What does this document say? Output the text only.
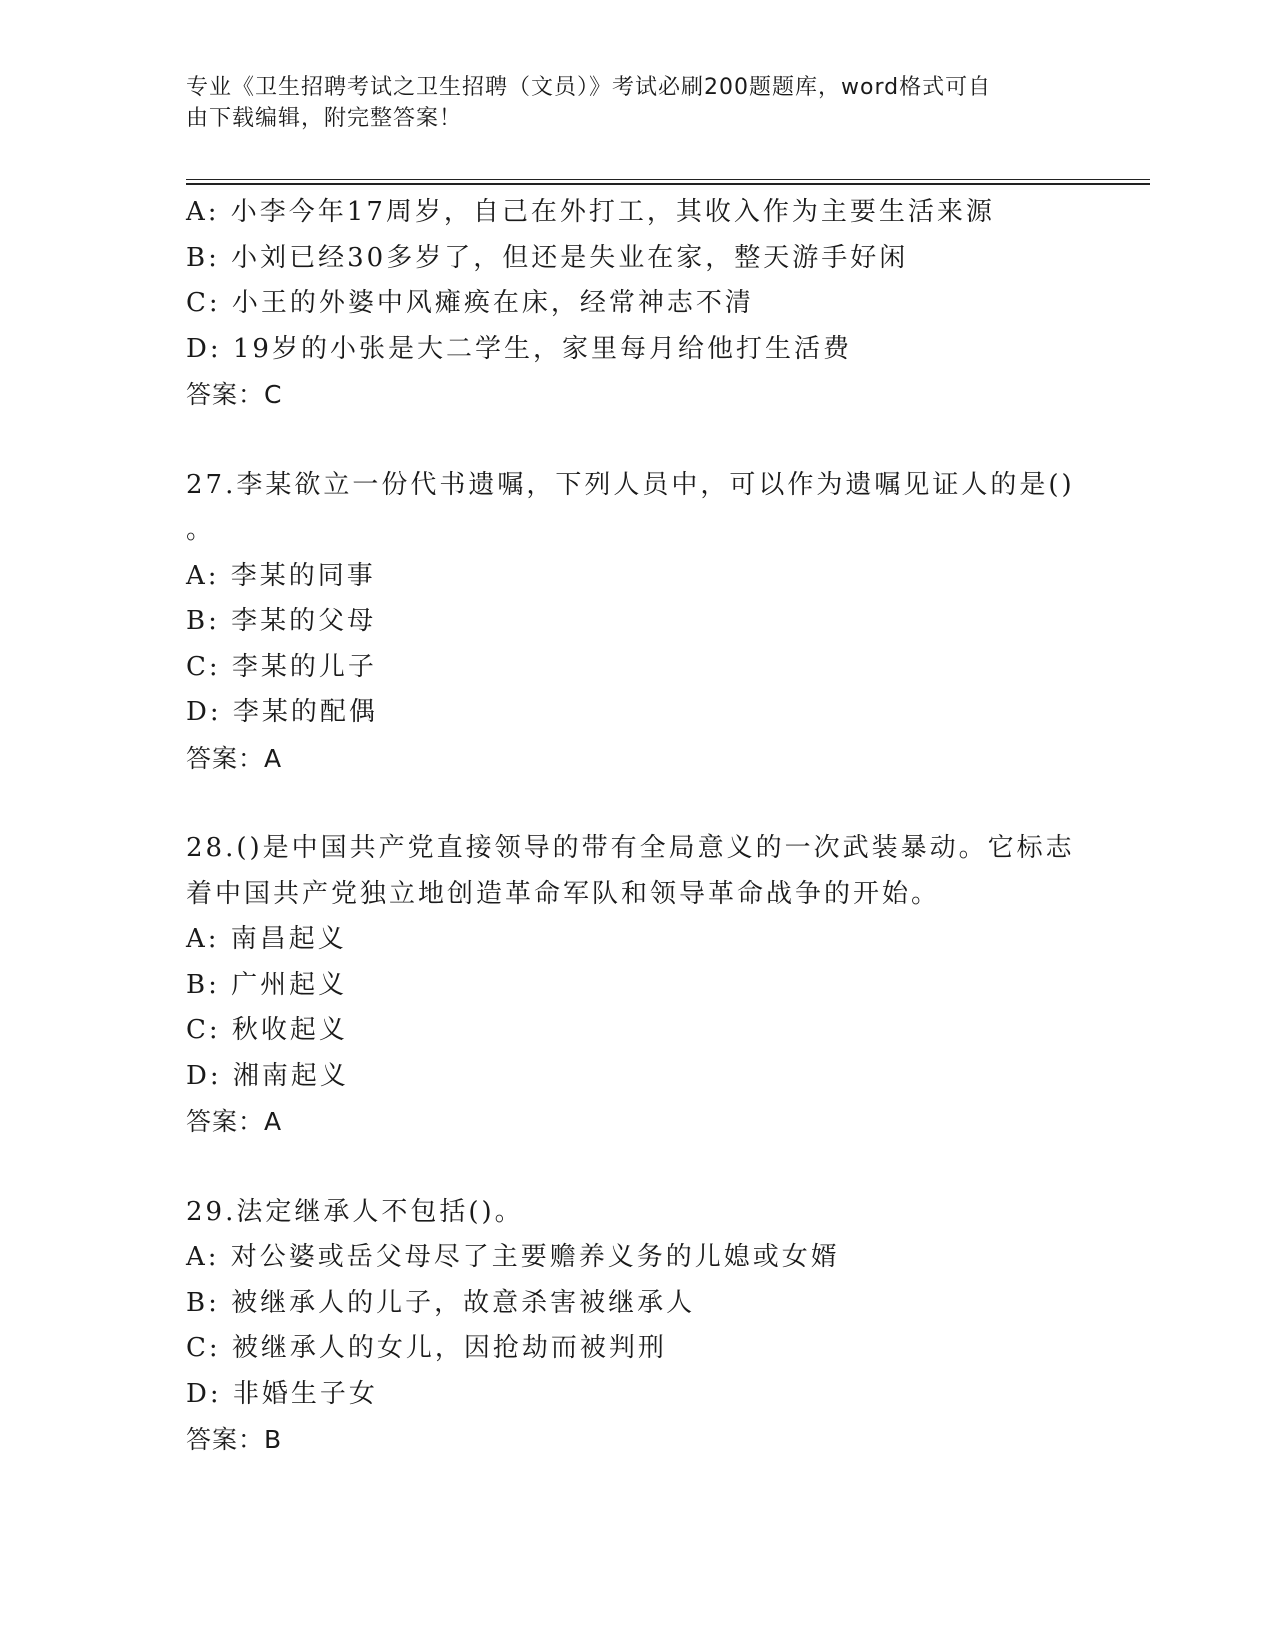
专业《卫生招聘考试之卫生招聘（文员）》考试必刷200题题库，word格式可自
由下载编辑，附完整答案！
A: 小李今年17周岁，自己在外打工，其收入作为主要生活来源
B: 小刘已经30多岁了，但还是失业在家，整天游手好闲
C: 小王的外婆中风瘫痪在床，经常神志不清
D: 19岁的小张是大二学生，家里每月给他打生活费
答案：C
27.李某欲立一份代书遗嘱，下列人员中，可以作为遗嘱见证人的是()
。
A: 李某的同事
B: 李某的父母
C: 李某的儿子
D: 李某的配偶
答案：A
28.()是中国共产党直接领导的带有全局意义的一次武装暴动。它标志
着中国共产党独立地创造革命军队和领导革命战争的开始。
A: 南昌起义
B: 广州起义
C: 秋收起义
D: 湘南起义
答案：A
29.法定继承人不包括()。
A: 对公婆或岳父母尽了主要赡养义务的儿媳或女婿
B: 被继承人的儿子，故意杀害被继承人
C: 被继承人的女儿，因抢劫而被判刑
D: 非婚生子女
答案：B
